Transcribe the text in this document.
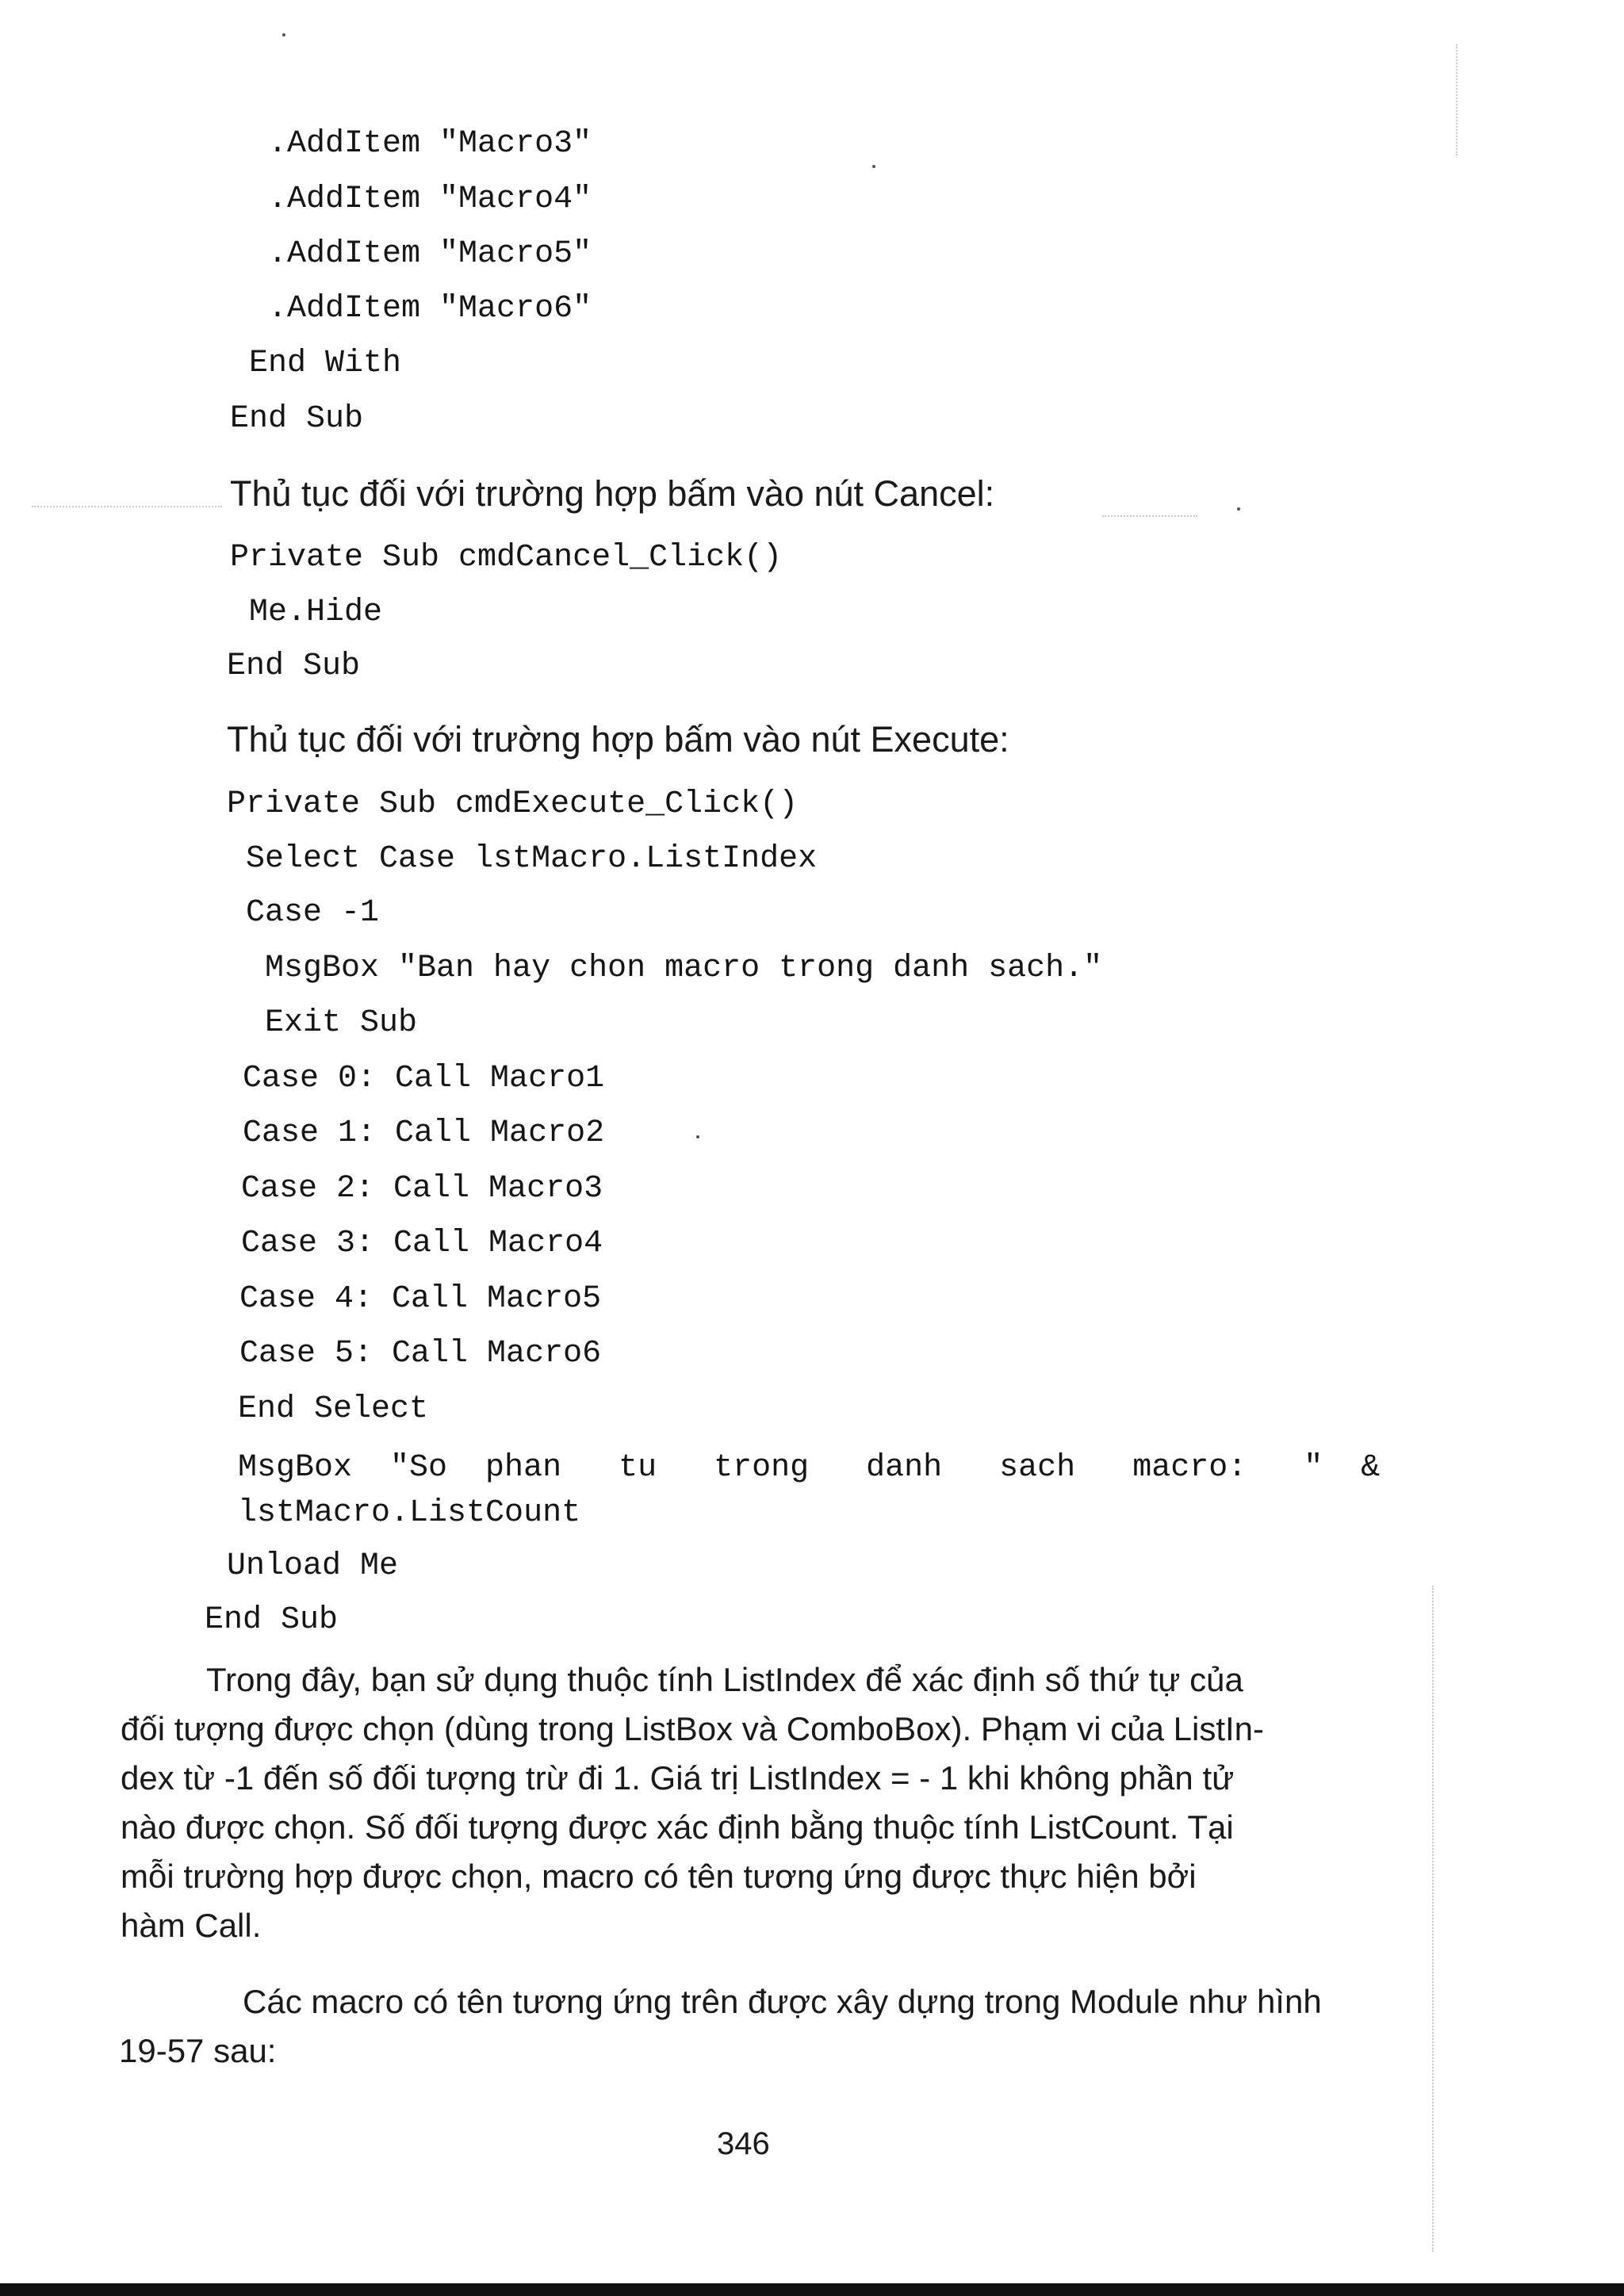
.AddItem "Macro3"
.AddItem "Macro4"
.AddItem "Macro5"
.AddItem "Macro6"
End With
End Sub
Thủ tục đối với trường hợp bấm vào nút Cancel:
Private Sub cmdCancel_Click()
Me.Hide
End Sub
Thủ tục đối với trường hợp bấm vào nút Execute:
Private Sub cmdExecute_Click()
Select Case lstMacro.ListIndex
Case -1
MsgBox "Ban hay chon macro trong danh sach."
Exit Sub
Case 0: Call Macro1
Case 1: Call Macro2
Case 2: Call Macro3
Case 3: Call Macro4
Case 4: Call Macro5
Case 5: Call Macro6
End Select
MsgBox  "So  phan   tu   trong   danh   sach   macro:   "  &
lstMacro.ListCount
Unload Me
End Sub
Trong đây, bạn sử dụng thuộc tính ListIndex để xác định số thứ tự của
đối tượng được chọn (dùng trong ListBox và ComboBox). Phạm vi của ListIn-
dex từ -1 đến số đối tượng trừ đi 1. Giá trị ListIndex = - 1 khi không phần tử
nào được chọn. Số đối tượng được xác định bằng thuộc tính ListCount. Tại
mỗi trường hợp được chọn, macro có tên tương ứng được thực hiện bởi
hàm Call.
Các macro có tên tương ứng trên được xây dựng trong Module như hình
19-57 sau:
346
